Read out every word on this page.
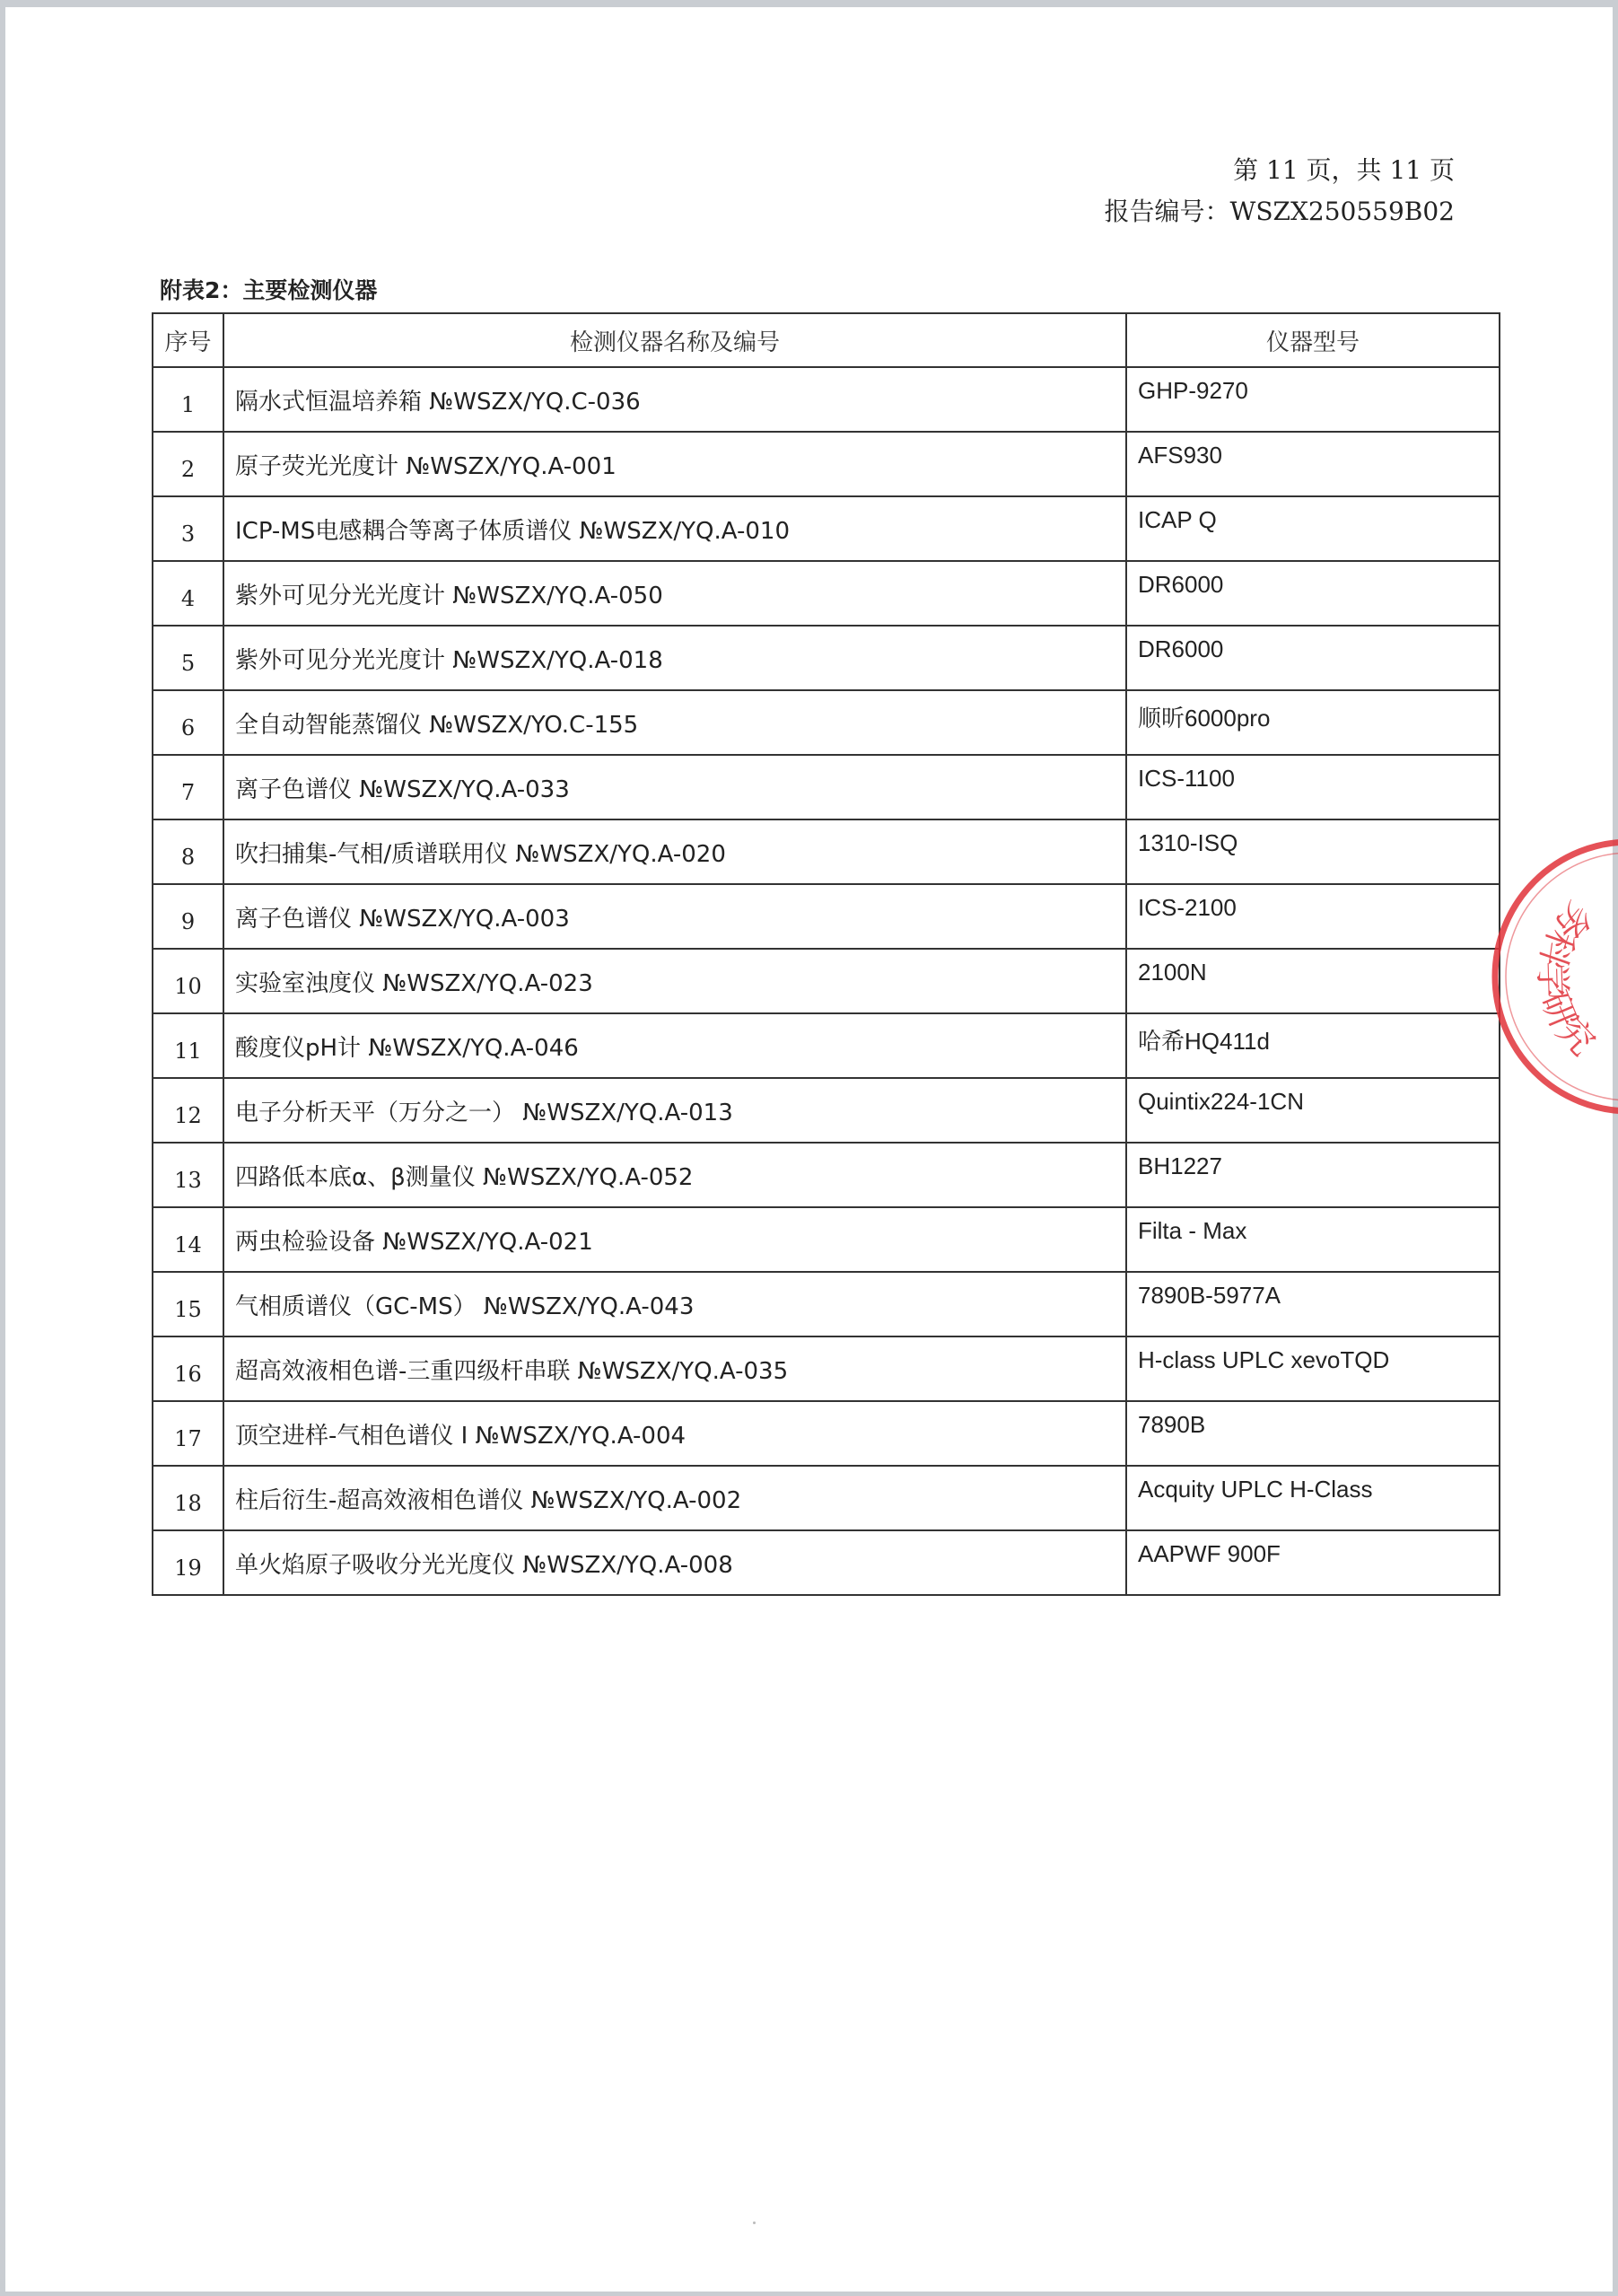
第 11 页，共 11 页
报告编号：WSZX250559B02
附表2：主要检测仪器
序号	检测仪器名称及编号	仪器型号
1	隔水式恒温培养箱 №WSZX/YQ.C-036	GHP-9270
2	原子荧光光度计 №WSZX/YQ.A-001	AFS930
3	ICP-MS电感耦合等离子体质谱仪 №WSZX/YQ.A-010	ICAP Q
4	紫外可见分光光度计 №WSZX/YQ.A-050	DR6000
5	紫外可见分光光度计 №WSZX/YQ.A-018	DR6000
6	全自动智能蒸馏仪 №WSZX/YO.C-155	顺昕6000pro
7	离子色谱仪 №WSZX/YQ.A-033	ICS-1100
8	吹扫捕集-气相/质谱联用仪 №WSZX/YQ.A-020	1310-ISQ
9	离子色谱仪 №WSZX/YQ.A-003	ICS-2100
10	实验室浊度仪 №WSZX/YQ.A-023	2100N
11	酸度仪pH计 №WSZX/YQ.A-046	哈希HQ411d
12	电子分析天平（万分之一） №WSZX/YQ.A-013	Quintix224-1CN
13	四路低本底α、β测量仪 №WSZX/YQ.A-052	BH1227
14	两虫检验设备 №WSZX/YQ.A-021	Filta - Max
15	气相质谱仪（GC-MS） №WSZX/YQ.A-043	7890B-5977A
16	超高效液相色谱-三重四级杆串联 №WSZX/YQ.A-035	H-class UPLC xevoTQD
17	顶空进样-气相色谱仪 I №WSZX/YQ.A-004	7890B
18	柱后衍生-超高效液相色谱仪 №WSZX/YQ.A-002	Acquity UPLC H-Class
19	单火焰原子吸收分光光度仪 №WSZX/YQ.A-008	AAPWF 900F
务科学研究
